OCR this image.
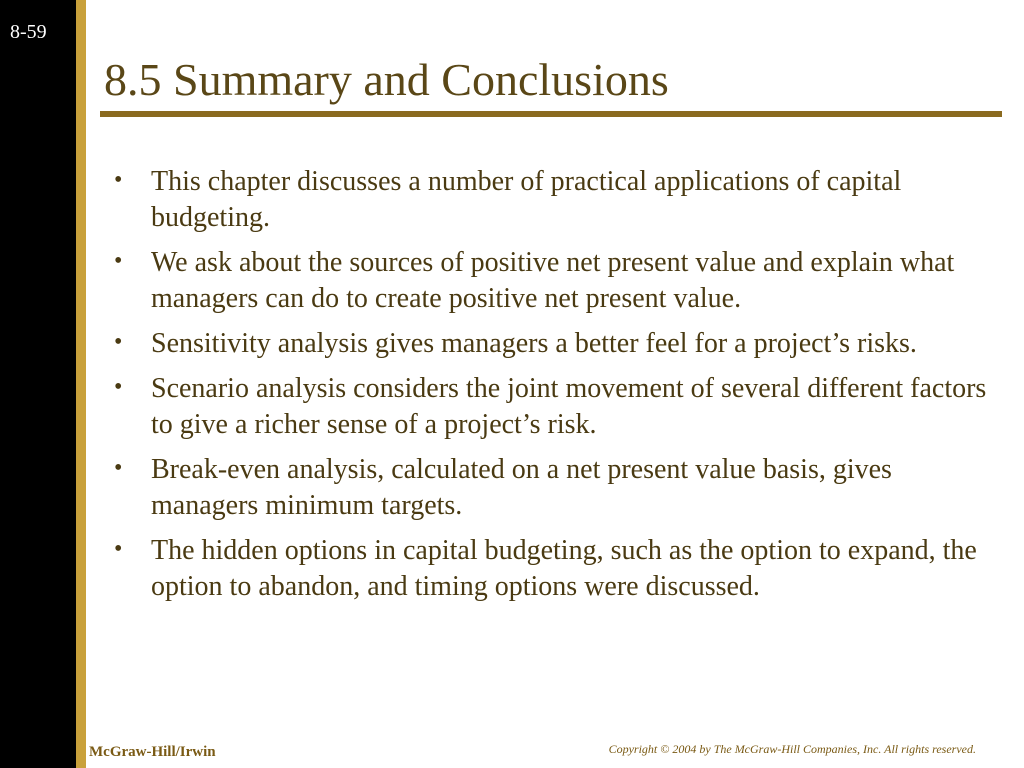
8-59
8.5 Summary and Conclusions
• This chapter discusses a number of practical applications of capital budgeting.
• We ask about the sources of positive net present value and explain what managers can do to create positive net present value.
• Sensitivity analysis gives managers a better feel for a project’s risks.
• Scenario analysis considers the joint movement of several different factors to give a richer sense of a project’s risk.
• Break-even analysis, calculated on a net present value basis, gives managers minimum targets.
• The hidden options in capital budgeting, such as the option to expand, the option to abandon, and timing options were discussed.
McGraw-Hill/Irwin	Copyright © 2004 by The McGraw-Hill Companies, Inc. All rights reserved.
